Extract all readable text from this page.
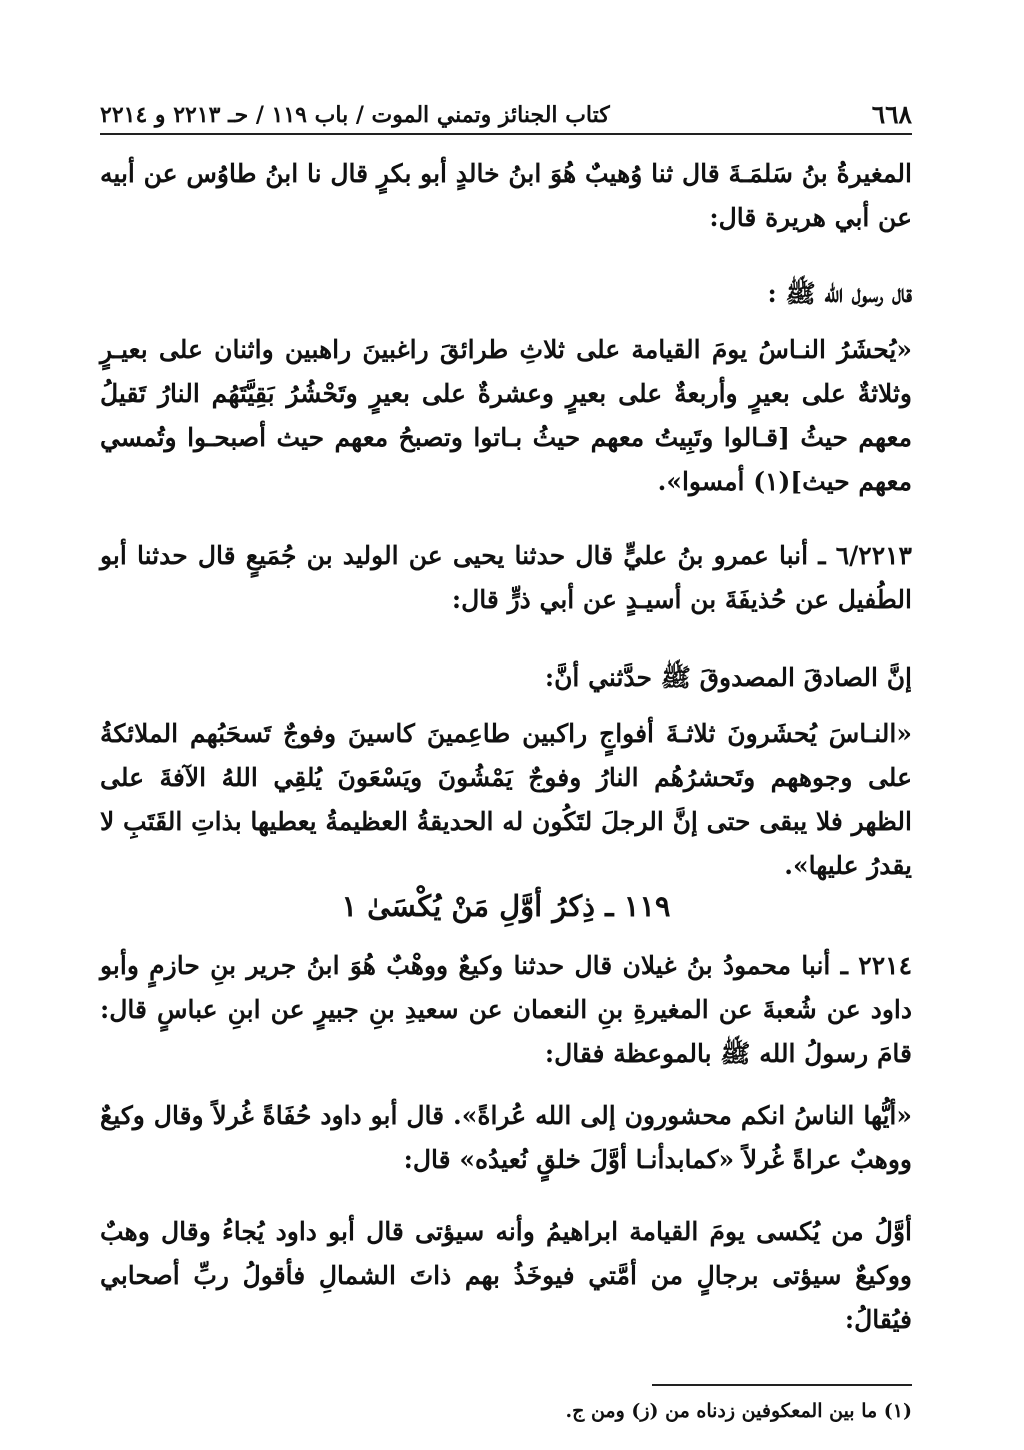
٦٦٨
كتاب الجنائز وتمني الموت / باب ١١٩ / حـ ٢٢١٣ و ٢٢١٤
المغيرةُ بنُ سَلمَـةَ قال ثنا وُهيبٌ هُوَ ابنُ خالدٍ أبو بكرٍ قال نا ابنُ طاوُس عن أبيه عن أبي هريرة قال:
قال رسول الله ﷺ :
«يُحشَرُ النـاسُ يومَ القيامة على ثلاثِ طرائقَ راغبينَ راهبين واثنان على بعيـرٍ وثلاثةٌ على بعيرٍ وأربعةٌ على بعيرٍ وعشرةٌ على بعيرٍ وتَحْشُرُ بَقِيَّتَهُم النارُ تَقيلُ معهم حيثُ [قـالوا وتَبِيتُ معهم حيثُ بـاتوا وتصبحُ معهم حيث أصبحـوا وتُمسي معهم حيث](١) أمسوا».
٦/٢٢١٣ ـ أنبا عمرو بنُ عليٍّ قال حدثنا يحيى عن الوليد بن جُمَيعٍ قال حدثنا أبو الطُفيل عن حُذيفَةَ بن أسيـدٍ عن أبي ذرٍّ قال:
إنَّ الصادقَ المصدوقَ ﷺ حدَّثني أنَّ:
«النـاسَ يُحشَرونَ ثلاثـةَ أفواجٍ راكبين طاعِمينَ كاسينَ وفوجٌ تَسحَبُهم الملائكةُ على وجوههم وتَحشرُهُم النارُ وفوجٌ يَمْشُونَ ويَسْعَونَ يُلقِي اللهُ الآفةَ على الظهر فلا يبقى حتى إنَّ الرجلَ لتَكُون له الحديقةُ العظيمةُ يعطيها بذاتِ القَتَبِ لا يقدرُ عليها».
١١٩ ـ ذِكرُ أوَّلِ مَنْ يُكْسَىٰ ١
٢٢١٤ ـ أنبا محمودُ بنُ غيلان قال حدثنا وكيعٌ ووهْبٌ هُوَ ابنُ جرير بنِ حازمٍ وأبو داود عن شُعبةَ عن المغيرةِ بنِ النعمان عن سعيدِ بنِ جبيرٍ عن ابنِ عباسٍ قال: قامَ رسولُ الله ﷺ بالموعظة فقال:
«أيُّها الناسُ انكم محشورون إلى الله عُراةً». قال أبو داود حُفَاةً غُرلاً وقال وكيعٌ ووهبٌ عراةً غُرلاً «كمابدأنـا أوَّلَ خلقٍ نُعيدُه» قال:
أوَّلُ من يُكسى يومَ القيامة ابراهيمُ وأنه سيؤتى قال أبو داود يُجاءُ وقال وهبٌ ووكيعٌ سيؤتى برجالٍ من أمَّتي فيوخَذُ بهم ذاتَ الشمالِ فأقولُ ربِّ أصحابي فيُقالُ:
(١) ما بين المعكوفين زدناه من (ز) ومن ج.
